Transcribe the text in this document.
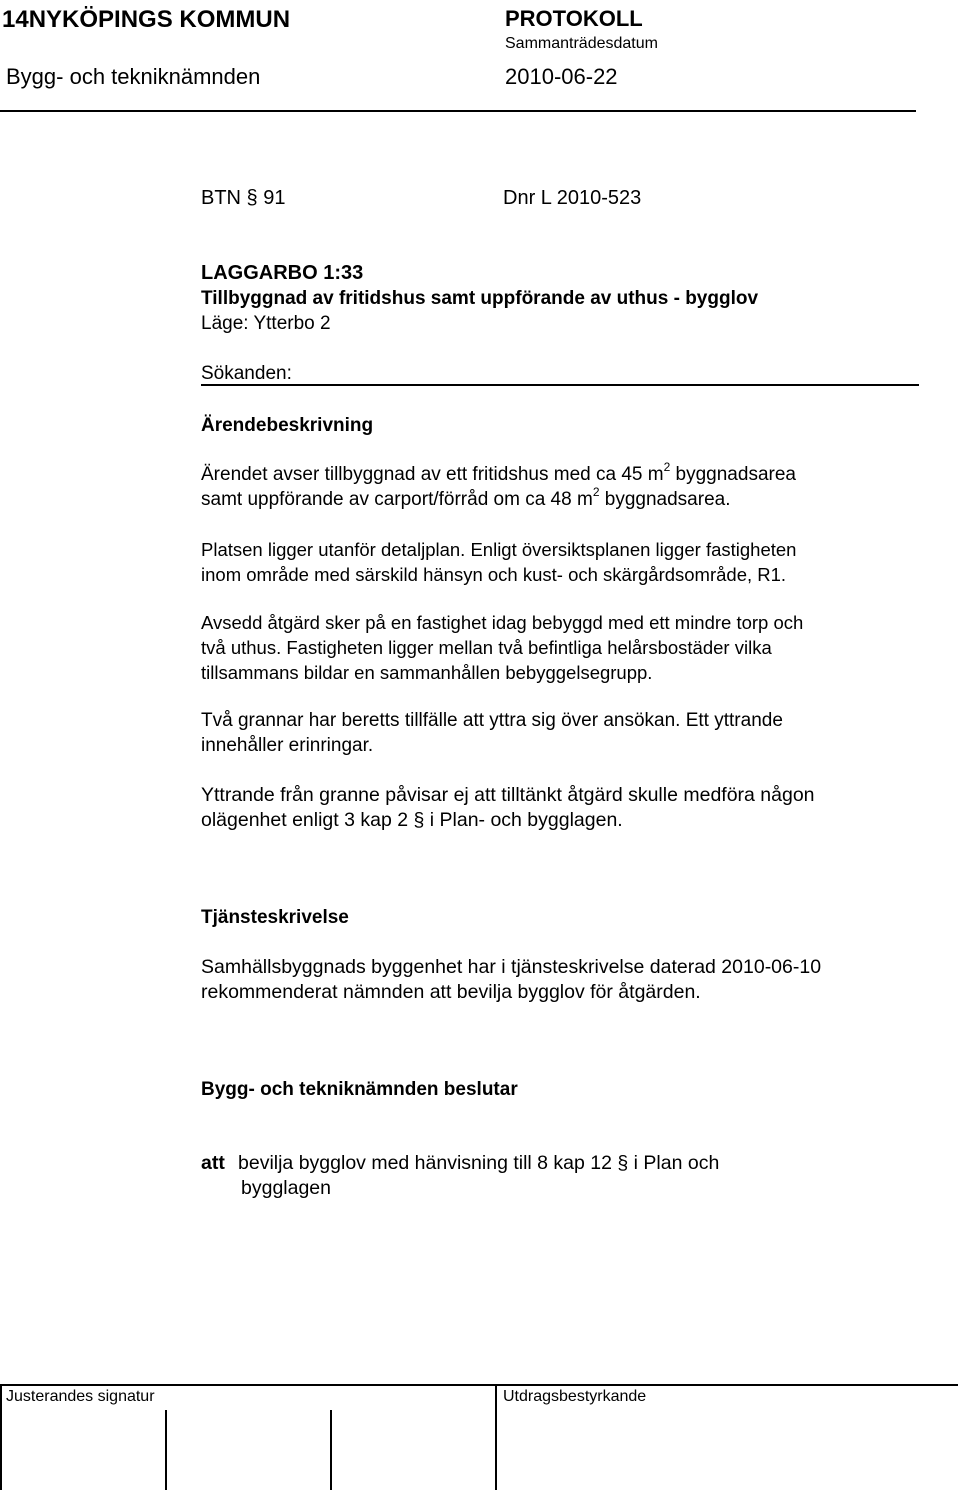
14NYKÖPINGS KOMMUN	PROTOKOLL
Sammanträdesdatum
Bygg- och tekniknämnden	2010-06-22
BTN § 91	Dnr L 2010-523
LAGGARBO 1:33
Tillbyggnad av fritidshus samt uppförande av uthus - bygglov
Läge: Ytterbo 2
Sökanden:
Ärendebeskrivning
Ärendet avser tillbyggnad av ett fritidshus med ca 45 $m^2$ byggnadsarea
samt uppförande av carport/förråd om ca 48 $m^2$ byggnadsarea.
Platsen ligger utanför detaljplan. Enligt översiktsplanen ligger fastigheten
inom område med särskild hänsyn och kust- och skärgårdsområde, R1.
Avsedd åtgärd sker på en fastighet idag bebyggd med ett mindre torp och
två uthus. Fastigheten ligger mellan två befintliga helårsbostäder vilka
tillsammans bildar en sammanhållen bebyggelsegrupp.
Två grannar har beretts tillfälle att yttra sig över ansökan. Ett yttrande
innehåller erinringar.
Yttrande från granne påvisar ej att tilltänkt åtgärd skulle medföra någon
olägenhet enligt 3 kap 2 § i Plan- och bygglagen.
Tjänsteskrivelse
Samhällsbyggnads byggenhet har i tjänsteskrivelse daterad 2010-06-10
rekommenderat nämnden att bevilja bygglov för åtgärden.
Bygg- och tekniknämnden beslutar
att bevilja bygglov med hänvisning till 8 kap 12 § i Plan och
bygglagen
Justerandes signatur	Utdragsbestyrkande
